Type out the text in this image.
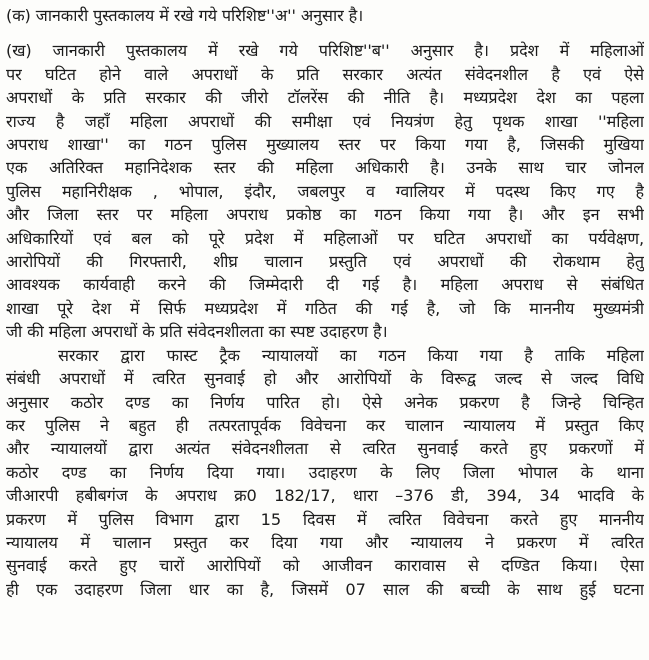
(क) जानकारी पुस्तकालय में रखे गये परिशिष्ट''अ'' अनुसार है।
(ख) जानकारी पुस्तकालय में रखे गये परिशिष्ट''ब'' अनुसार है। प्रदेश में महिलाओं
पर घटित होने वाले अपराधों के प्रति सरकार अत्यंत संवेदनशील है एवं ऐसे
अपराधों के प्रति सरकार की जीरो टॉलरेंस की नीति है। मध्यप्रदेश देश का पहला
राज्य है जहाँ महिला अपराधों की समीक्षा एवं नियत्रंण हेतु पृथक शाखा ''महिला
अपराध शाखा'' का गठन पुलिस मुख्यालय स्तर पर किया गया है, जिसकी मुखिया
एक अतिरिक्त महानिदेशक स्तर की महिला अधिकारी है। उनके साथ चार जोनल
पुलिस महानिरीक्षक , भोपाल, इंदौर, जबलपुर व ग्वालियर में पदस्थ किए गए है
और जिला स्तर पर महिला अपराध प्रकोष्ठ का गठन किया गया है। और इन सभी
अधिकारियों एवं बल को पूरे प्रदेश में महिलाओं पर घटित अपराधों का पर्यवेक्षण,
आरोपियों की गिरफ्तारी, शीघ्र चालान प्रस्तुति एवं अपराधों की रोकथाम हेतु
आवश्यक कार्यवाही करने की जिम्मेदारी दी गई है। महिला अपराध से संबंधित
शाखा पूरे देश में सिर्फ मध्यप्रदेश में गठित की गई है, जो कि माननीय मुख्यमंत्री
जी की महिला अपराधों के प्रति संवेदनशीलता का स्पष्ट उदाहरण है।
सरकार द्वारा फास्ट ट्रैक न्यायालयों का गठन किया गया है ताकि महिला
संबंधी अपराधों में त्वरित सुनवाई हो और आरोपियों के विरूद्व जल्द से जल्द विधि
अनुसार कठोर दण्ड का निर्णय पारित हो। ऐसे अनेक प्रकरण है जिन्हे चिन्हित
कर पुलिस ने बहुत ही तत्परतापूर्वक विवेचना कर चालान न्यायालय में प्रस्तुत किए
और न्यायालयों द्वारा अत्यंत संवेदनशीलता से त्वरित सुनवाई करते हुए प्रकरणों में
कठोर दण्ड का निर्णय दिया गया। उदाहरण के लिए जिला भोपाल के थाना
जीआरपी हबीबगंज के अपराध क्र0 182/17, धारा –376 डी, 394, 34 भादवि के
प्रकरण में पुलिस विभाग द्वारा 15 दिवस में त्वरित विवेचना करते हुए माननीय
न्यायालय में चालान प्रस्तुत कर दिया गया और न्यायालय ने प्रकरण में त्वरित
सुनवाई करते हुए चारों आरोपियों को आजीवन कारावास से दण्डित किया। ऐसा
ही एक उदाहरण जिला धार का है, जिसमें 07 साल की बच्ची के साथ हुई घटना
